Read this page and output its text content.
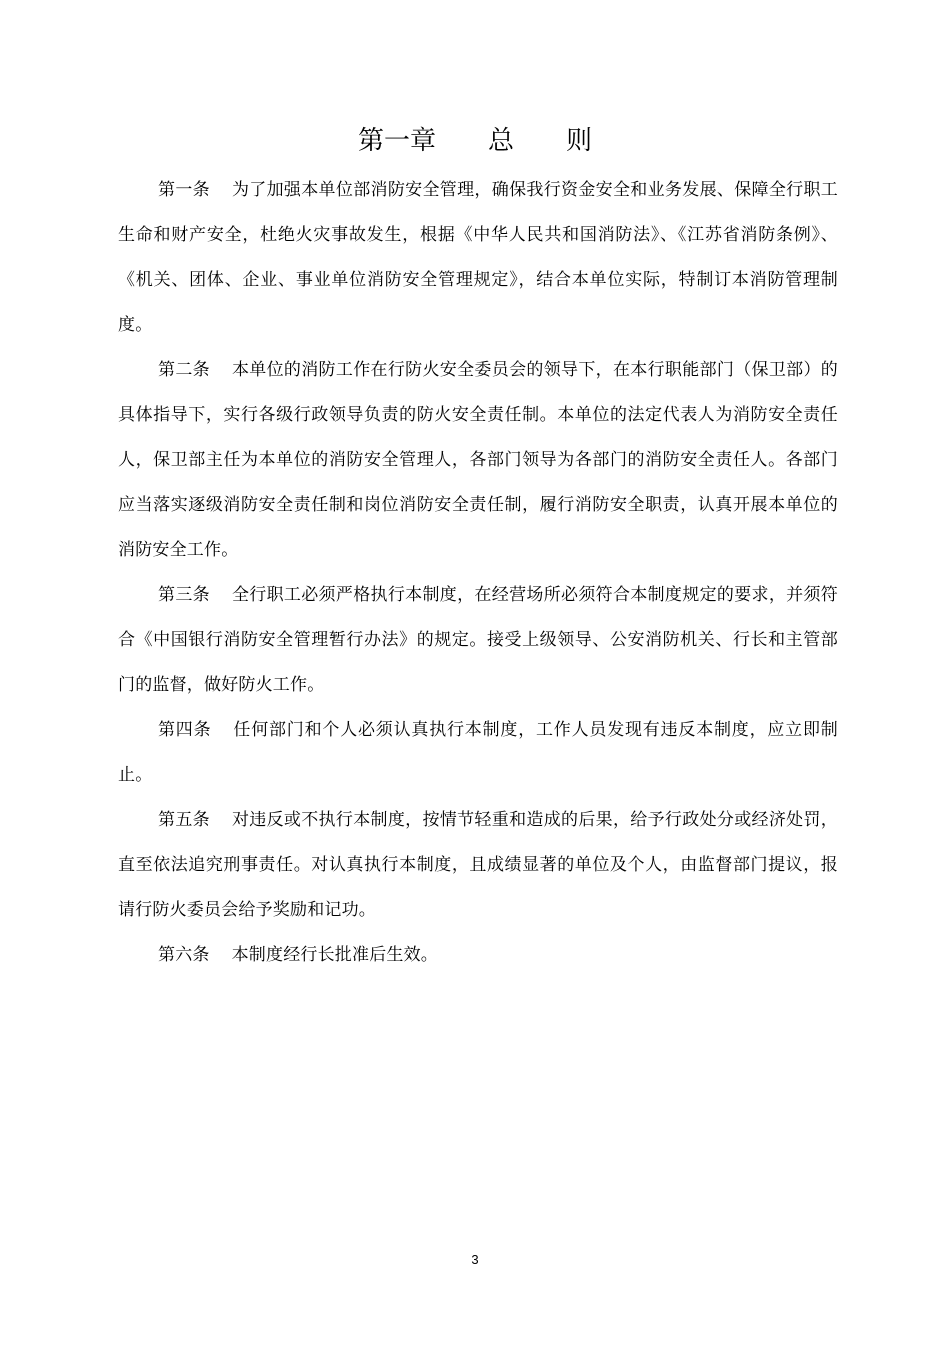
第一章　　总　　则

第一条 为了加强本单位部消防安全管理，确保我行资金安全和业务发展、保障全行职工生命和财产安全，杜绝火灾事故发生，根据《中华人民共和国消防法》、《江苏省消防条例》、《机关、团体、企业、事业单位消防安全管理规定》，结合本单位实际，特制订本消防管理制度。

第二条 本单位的消防工作在行防火安全委员会的领导下，在本行职能部门（保卫部）的具体指导下，实行各级行政领导负责的防火安全责任制。本单位的法定代表人为消防安全责任人，保卫部主任为本单位的消防安全管理人，各部门领导为各部门的消防安全责任人。各部门应当落实逐级消防安全责任制和岗位消防安全责任制，履行消防安全职责，认真开展本单位的消防安全工作。

第三条 全行职工必须严格执行本制度，在经营场所必须符合本制度规定的要求，并须符合《中国银行消防安全管理暂行办法》的规定。接受上级领导、公安消防机关、行长和主管部门的监督，做好防火工作。

第四条 任何部门和个人必须认真执行本制度，工作人员发现有违反本制度，应立即制止。

第五条 对违反或不执行本制度，按情节轻重和造成的后果，给予行政处分或经济处罚，直至依法追究刑事责任。对认真执行本制度，且成绩显著的单位及个人，由监督部门提议，报请行防火委员会给予奖励和记功。

第六条 本制度经行长批准后生效。

3
